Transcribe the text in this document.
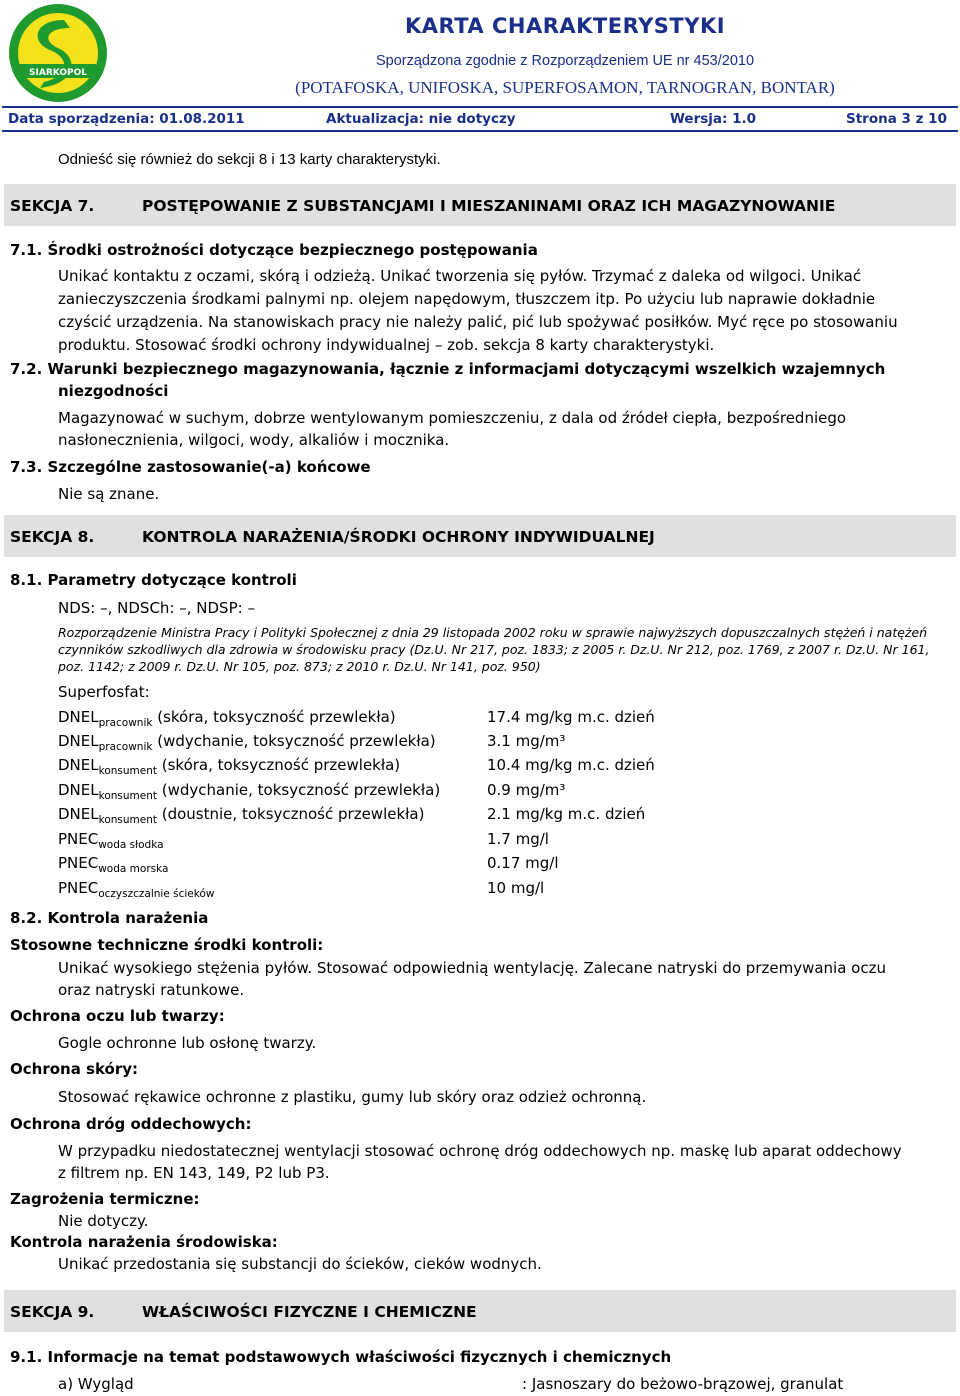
SIARKOPOL
KARTA CHARAKTERYSTYKI
Sporządzona zgodnie z Rozporządzeniem UE nr 453/2010
(POTAFOSKA, UNIFOSKA, SUPERFOSAMON, TARNOGRAN, BONTAR)
Data sporządzenia: 01.08.2011	Aktualizacja: nie dotyczy	Wersja: 1.0	Strona 3 z 10
Odnieść się również do sekcji 8 i 13 karty charakterystyki.
SEKCJA 7.	POSTĘPOWANIE Z SUBSTANCJAMI I MIESZANINAMI ORAZ ICH MAGAZYNOWANIE
7.1. Środki ostrożności dotyczące bezpiecznego postępowania
Unikać kontaktu z oczami, skórą i odzieżą. Unikać tworzenia się pyłów. Trzymać z daleka od wilgoci. Unikać
zanieczyszczenia środkami palnymi np. olejem napędowym, tłuszczem itp. Po użyciu lub naprawie dokładnie
czyścić urządzenia. Na stanowiskach pracy nie należy palić, pić lub spożywać posiłków. Myć ręce po stosowaniu
produktu. Stosować środki ochrony indywidualnej – zob. sekcja 8 karty charakterystyki.
7.2. Warunki bezpiecznego magazynowania, łącznie z informacjami dotyczącymi wszelkich wzajemnych
niezgodności
Magazynować w suchym, dobrze wentylowanym pomieszczeniu, z dala od źródeł ciepła, bezpośredniego
nasłonecznienia, wilgoci, wody, alkaliów i mocznika.
7.3. Szczególne zastosowanie(-a) końcowe
Nie są znane.
SEKCJA 8.	KONTROLA NARAŻENIA/ŚRODKI OCHRONY INDYWIDUALNEJ
8.1. Parametry dotyczące kontroli
NDS: –, NDSCh: –, NDSP: –
Rozporządzenie Ministra Pracy i Polityki Społecznej z dnia 29 listopada 2002 roku w sprawie najwyższych dopuszczalnych stężeń i natężeń
czynników szkodliwych dla zdrowia w środowisku pracy (Dz.U. Nr 217, poz. 1833; z 2005 r. Dz.U. Nr 212, poz. 1769, z 2007 r. Dz.U. Nr 161,
poz. 1142; z 2009 r. Dz.U. Nr 105, poz. 873; z 2010 r. Dz.U. Nr 141, poz. 950)
Superfosfat:
$DNEL_{pracownik}$ (skóra, toksyczność przewlekła)	17.4 mg/kg m.c. dzień
$DNEL_{pracownik}$ (wdychanie, toksyczność przewlekła)	3.1 mg/m³
$DNEL_{konsument}$ (skóra, toksyczność przewlekła)	10.4 mg/kg m.c. dzień
$DNEL_{konsument}$ (wdychanie, toksyczność przewlekła)	0.9 mg/m³
$DNEL_{konsument}$ (doustnie, toksyczność przewlekła)	2.1 mg/kg m.c. dzień
$PNEC_{woda słodka}$	1.7 mg/l
$PNEC_{woda morska}$	0.17 mg/l
$PNEC_{oczyszczalnie ścieków}$	10 mg/l
8.2. Kontrola narażenia
Stosowne techniczne środki kontroli:
Unikać wysokiego stężenia pyłów. Stosować odpowiednią wentylację. Zalecane natryski do przemywania oczu
oraz natryski ratunkowe.
Ochrona oczu lub twarzy:
Gogle ochronne lub osłonę twarzy.
Ochrona skóry:
Stosować rękawice ochronne z plastiku, gumy lub skóry oraz odzież ochronną.
Ochrona dróg oddechowych:
W przypadku niedostatecznej wentylacji stosować ochronę dróg oddechowych np. maskę lub aparat oddechowy
z filtrem np. EN 143, 149, P2 lub P3.
Zagrożenia termiczne:
Nie dotyczy.
Kontrola narażenia środowiska:
Unikać przedostania się substancji do ścieków, cieków wodnych.
SEKCJA 9.	WŁAŚCIWOŚCI FIZYCZNE I CHEMICZNE
9.1. Informacje na temat podstawowych właściwości fizycznych i chemicznych
a) Wygląd	: Jasnoszary do beżowo-brązowej, granulat
